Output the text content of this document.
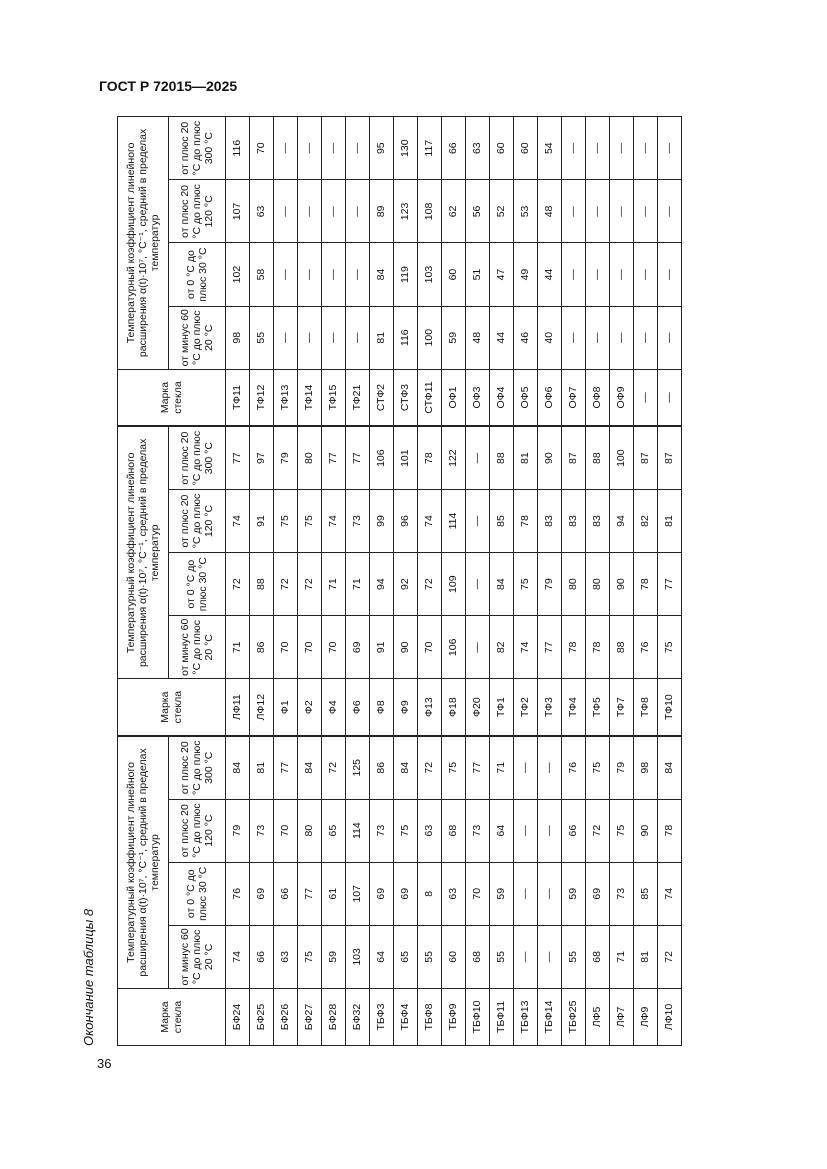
ГОСТ Р 72015—2025
36
Окончание таблицы 8	Марка стекла	Температурный коэффициент линейного расширения α(t)·10⁷, °C⁻¹, средний в пределах температур				Марка стекла	Температурный коэффициент линейного расширения α(t)·10⁷, °C⁻¹, средний в пределах температур				Марка стекла	Температурный коэффициент линейного расширения α(t)·10⁷, °C⁻¹, средний в пределах температур			
	от минус 60 °C до плюс 20 °C	от 0 °C до плюс 30 °C	от плюс 20 °C до плюс 120 °C	от плюс 20 °C до плюс 300 °C		от минус 60 °C до плюс 20 °C	от 0 °C до плюс 30 °C	от плюс 20 °C до плюс 120 °C	от плюс 20 °C до плюс 300 °C		от минус 60 °C до плюс 20 °C	от 0 °C до плюс 30 °C	от плюс 20 °C до плюс 120 °C	от плюс 20 °C до плюс 300 °C
БФ24	74	76	79	84	ЛФ11	71	72	74	77	ТФ11	98	102	107	116
БФ25	66	69	73	81	ЛФ12	86	88	91	97	ТФ12	55	58	63	70
БФ26	63	66	70	77	Ф1	70	72	75	79	ТФ13	—	—	—	—
БФ27	75	77	80	84	Ф2	70	72	75	80	ТФ14	—	—	—	—
БФ28	59	61	65	72	Ф4	70	71	74	77	ТФ15	—	—	—	—
БФ32	103	107	114	125	Ф6	69	71	73	77	ТФ21	—	—	—	—
ТБФ3	64	69	73	86	Ф8	91	94	99	106	СТФ2	81	84	89	95
ТБФ4	65	69	75	84	Ф9	90	92	96	101	СТФ3	116	119	123	130
ТБФ8	55	8	63	72	Ф13	70	72	74	78	СТФ11	100	103	108	117
ТБФ9	60	63	68	75	Ф18	106	109	114	122	ОФ1	59	60	62	66
ТБФ10	68	70	73	77	Ф20	—	—	—	—	ОФ3	48	51	56	63
ТБФ11	55	59	64	71	ТФ1	82	84	85	88	ОФ4	44	47	52	60
ТБФ13	—	—	—	—	ТФ2	74	75	78	81	ОФ5	46	49	53	60
ТБФ14	—	—	—	—	ТФ3	77	79	83	90	ОФ6	40	44	48	54
ТБФ25	55	59	66	76	ТФ4	78	80	83	87	ОФ7	—	—	—	—
ЛФ5	68	69	72	75	ТФ5	78	80	83	88	ОФ8	—	—	—	—
ЛФ7	71	73	75	79	ТФ7	88	90	94	100	ОФ9	—	—	—	—
ЛФ9	81	85	90	98	ТФ8	76	78	82	87	—	—	—	—	—
ЛФ10	72	74	78	84	ТФ10	75	77	81	87	—	—	—	—	—
